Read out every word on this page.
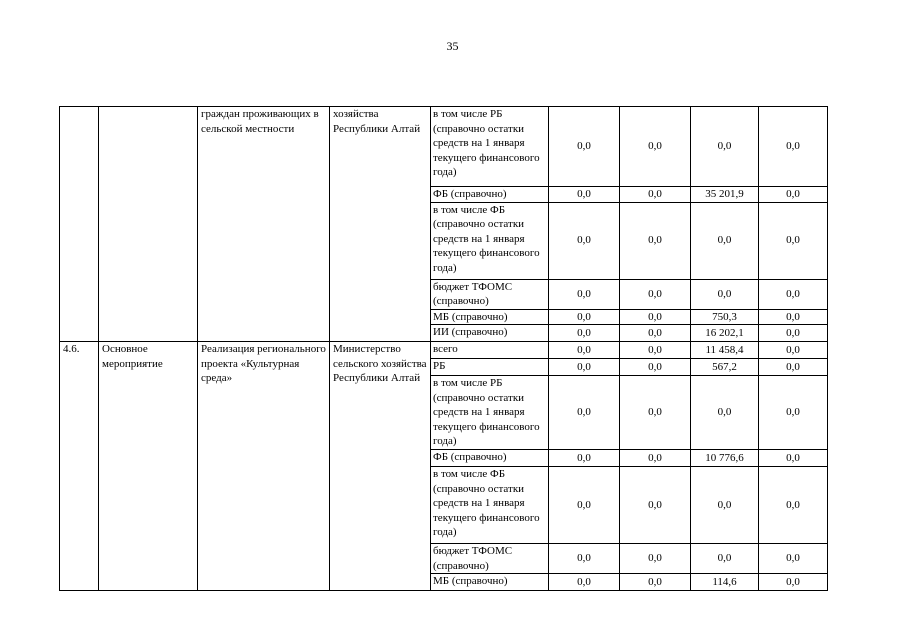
35
		граждан проживающих в сельской местности	хозяйства Республики Алтай	в том числе РБ (справочно остатки средств на 1 января текущего финансового года)	0,0	0,0	0,0	0,0
				ФБ (справочно)	0,0	0,0	35 201,9	0,0
				в том числе ФБ (справочно остатки средств на 1 января текущего финансового года)	0,0	0,0	0,0	0,0
				бюджет ТФОМС (справочно)	0,0	0,0	0,0	0,0
				МБ (справочно)	0,0	0,0	750,3	0,0
				ИИ (справочно)	0,0	0,0	16 202,1	0,0
4.6.	Основное мероприятие	Реализация регионального проекта «Культурная среда»	Министерство сельского хозяйства Республики Алтай	всего	0,0	0,0	11 458,4	0,0
				РБ	0,0	0,0	567,2	0,0
				в том числе РБ (справочно остатки средств на 1 января текущего финансового года)	0,0	0,0	0,0	0,0
				ФБ (справочно)	0,0	0,0	10 776,6	0,0
				в том числе ФБ (справочно остатки средств на 1 января текущего финансового года)	0,0	0,0	0,0	0,0
				бюджет ТФОМС (справочно)	0,0	0,0	0,0	0,0
				МБ (справочно)	0,0	0,0	114,6	0,0
